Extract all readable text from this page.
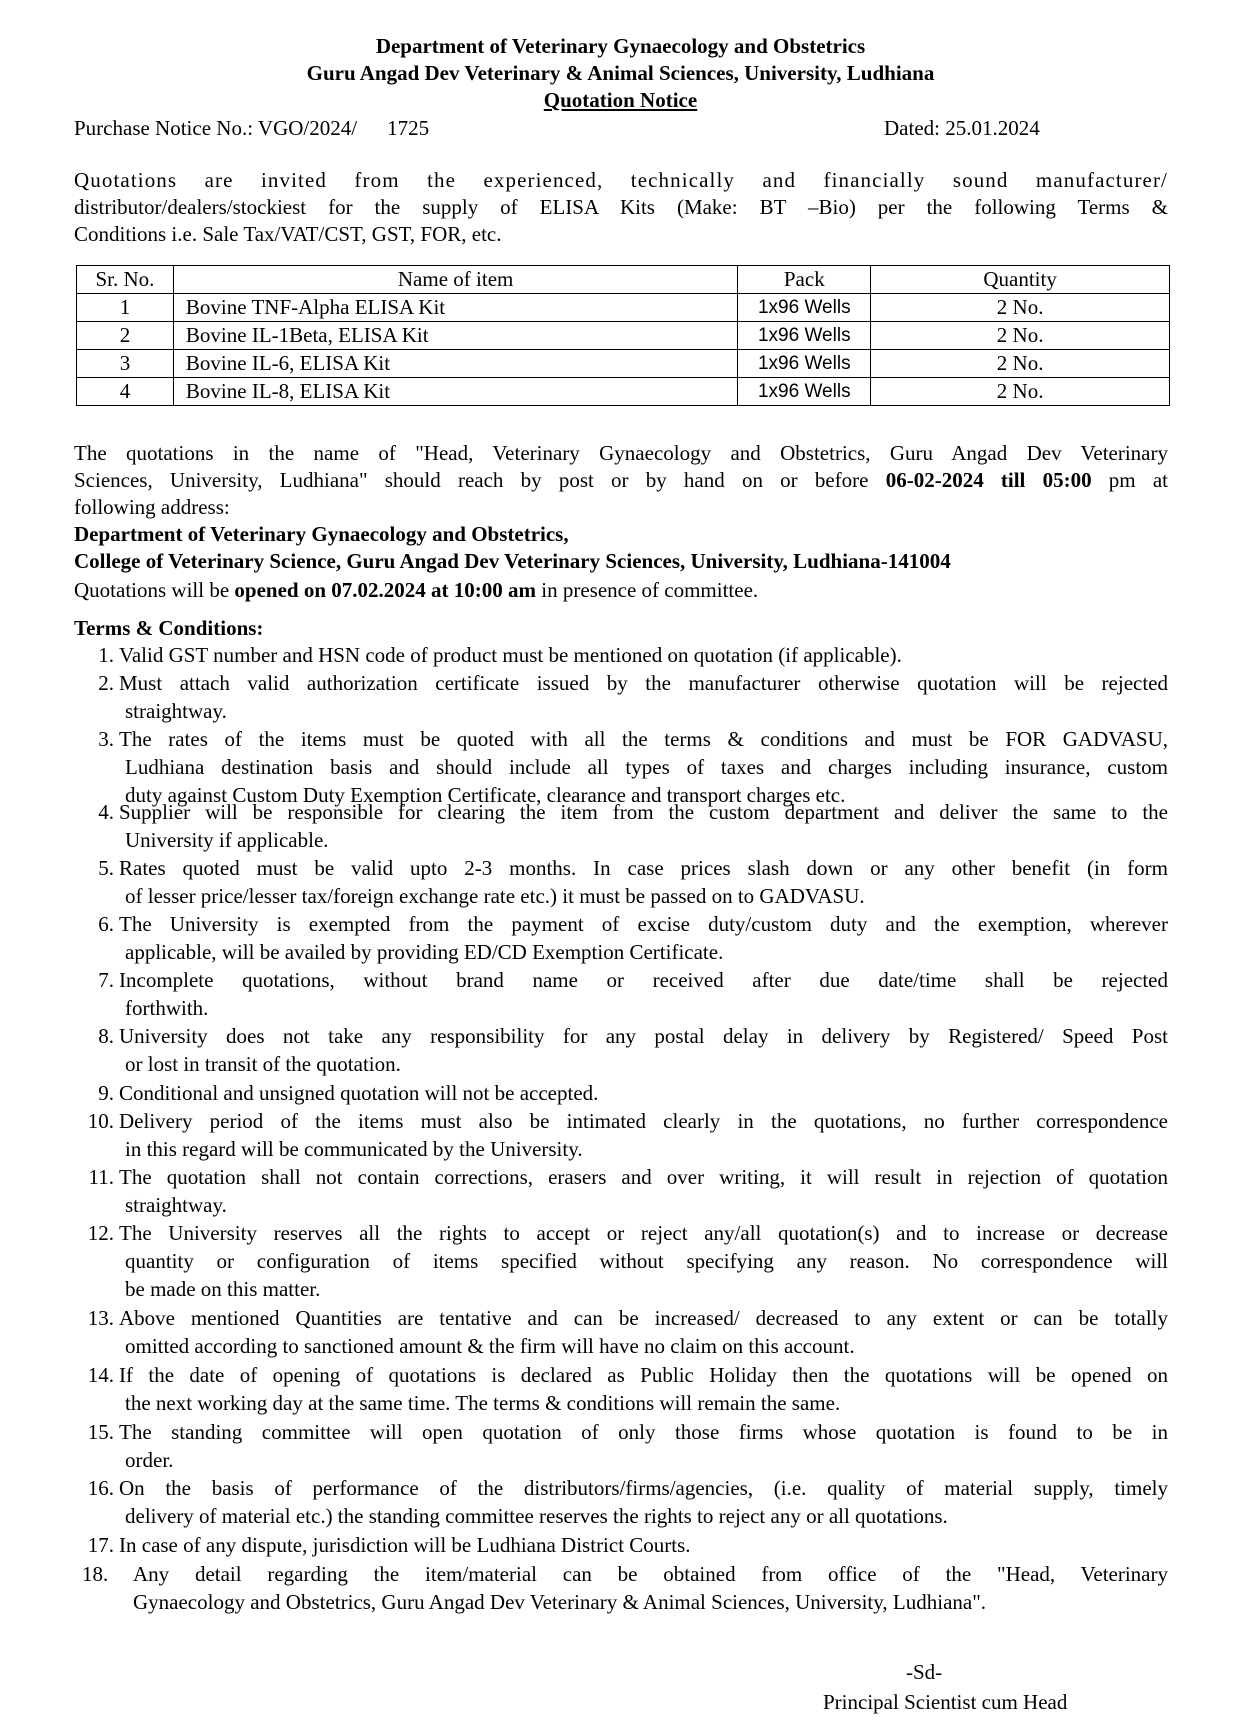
Department of Veterinary Gynaecology and Obstetrics
Guru Angad Dev Veterinary & Animal Sciences, University, Ludhiana
Quotation Notice
Purchase Notice No.: VGO/2024/ 1725	Dated: 25.01.2024
Quotations are invited from the experienced, technically and financially sound manufacturer/
distributor/dealers/stockiest for the supply of ELISA Kits (Make: BT –Bio) per the following Terms &
Conditions i.e. Sale Tax/VAT/CST, GST, FOR, etc.
Sr. No.	Name of item	Pack	Quantity
1	Bovine TNF-Alpha ELISA Kit	1x96 Wells	2 No.
2	Bovine IL-1Beta, ELISA Kit	1x96 Wells	2 No.
3	Bovine IL-6, ELISA Kit	1x96 Wells	2 No.
4	Bovine IL-8, ELISA Kit	1x96 Wells	2 No.
The quotations in the name of "Head, Veterinary Gynaecology and Obstetrics, Guru Angad Dev Veterinary
Sciences, University, Ludhiana" should reach by post or by hand on or before 06-02-2024 till 05:00 pm at
following address:
Department of Veterinary Gynaecology and Obstetrics,
College of Veterinary Science, Guru Angad Dev Veterinary Sciences, University, Ludhiana-141004
Quotations will be opened on 07.02.2024 at 10:00 am in presence of committee.
Terms & Conditions:
1. Valid GST number and HSN code of product must be mentioned on quotation (if applicable).
2. Must attach valid authorization certificate issued by the manufacturer otherwise quotation will be rejected
straightway.
3. The rates of the items must be quoted with all the terms & conditions and must be FOR GADVASU,
Ludhiana destination basis and should include all types of taxes and charges including insurance, custom
duty against Custom Duty Exemption Certificate, clearance and transport charges etc.
4. Supplier will be responsible for clearing the item from the custom department and deliver the same to the
University if applicable.
5. Rates quoted must be valid upto 2-3 months. In case prices slash down or any other benefit (in form
of lesser price/lesser tax/foreign exchange rate etc.) it must be passed on to GADVASU.
6. The University is exempted from the payment of excise duty/custom duty and the exemption, wherever
applicable, will be availed by providing ED/CD Exemption Certificate.
7. Incomplete quotations, without brand name or received after due date/time shall be rejected
forthwith.
8. University does not take any responsibility for any postal delay in delivery by Registered/ Speed Post
or lost in transit of the quotation.
9. Conditional and unsigned quotation will not be accepted.
10. Delivery period of the items must also be intimated clearly in the quotations, no further correspondence
in this regard will be communicated by the University.
11. The quotation shall not contain corrections, erasers and over writing, it will result in rejection of quotation
straightway.
12. The University reserves all the rights to accept or reject any/all quotation(s) and to increase or decrease
quantity or configuration of items specified without specifying any reason. No correspondence will
be made on this matter.
13. Above mentioned Quantities are tentative and can be increased/ decreased to any extent or can be totally
omitted according to sanctioned amount & the firm will have no claim on this account.
14. If the date of opening of quotations is declared as Public Holiday then the quotations will be opened on
the next working day at the same time. The terms & conditions will remain the same.
15. The standing committee will open quotation of only those firms whose quotation is found to be in
order.
16. On the basis of performance of the distributors/firms/agencies, (i.e. quality of material supply, timely
delivery of material etc.) the standing committee reserves the rights to reject any or all quotations.
17. In case of any dispute, jurisdiction will be Ludhiana District Courts.
18.	Any detail regarding the item/material can be obtained from office of the "Head, Veterinary
Gynaecology and Obstetrics, Guru Angad Dev Veterinary & Animal Sciences, University, Ludhiana".
-Sd-
Principal Scientist cum Head
